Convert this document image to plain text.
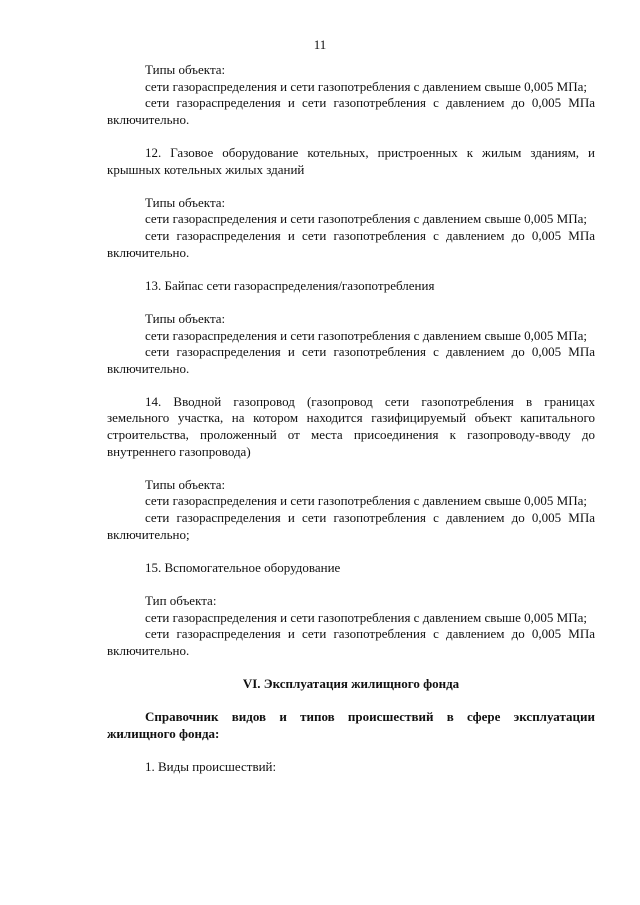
11

Типы объекта:

сети газораспределения и сети газопотребления с давлением свыше 0,005 МПа;

сети газораспределения и сети газопотребления с давлением до 0,005 МПа включительно.

12. Газовое оборудование котельных, пристроенных к жилым зданиям, и крышных котельных жилых зданий

Типы объекта:

сети газораспределения и сети газопотребления с давлением свыше 0,005 МПа;

сети газораспределения и сети газопотребления с давлением до 0,005 МПа включительно.

13. Байпас сети газораспределения/газопотребления

Типы объекта:

сети газораспределения и сети газопотребления с давлением свыше 0,005 МПа;

сети газораспределения и сети газопотребления с давлением до 0,005 МПа включительно.

14. Вводной газопровод (газопровод сети газопотребления в границах земельного участка, на котором находится газифицируемый объект капитального строительства, проложенный от места присоединения к газопроводу-вводу до внутреннего газопровода)

Типы объекта:

сети газораспределения и сети газопотребления с давлением свыше 0,005 МПа;

сети газораспределения и сети газопотребления с давлением до 0,005 МПа включительно;

15. Вспомогательное оборудование

Тип объекта:

сети газораспределения и сети газопотребления с давлением свыше 0,005 МПа;

сети газораспределения и сети газопотребления с давлением до 0,005 МПа включительно.

VI. Эксплуатация жилищного фонда

Справочник видов и типов происшествий в сфере эксплуатации жилищного фонда:

1. Виды происшествий:
